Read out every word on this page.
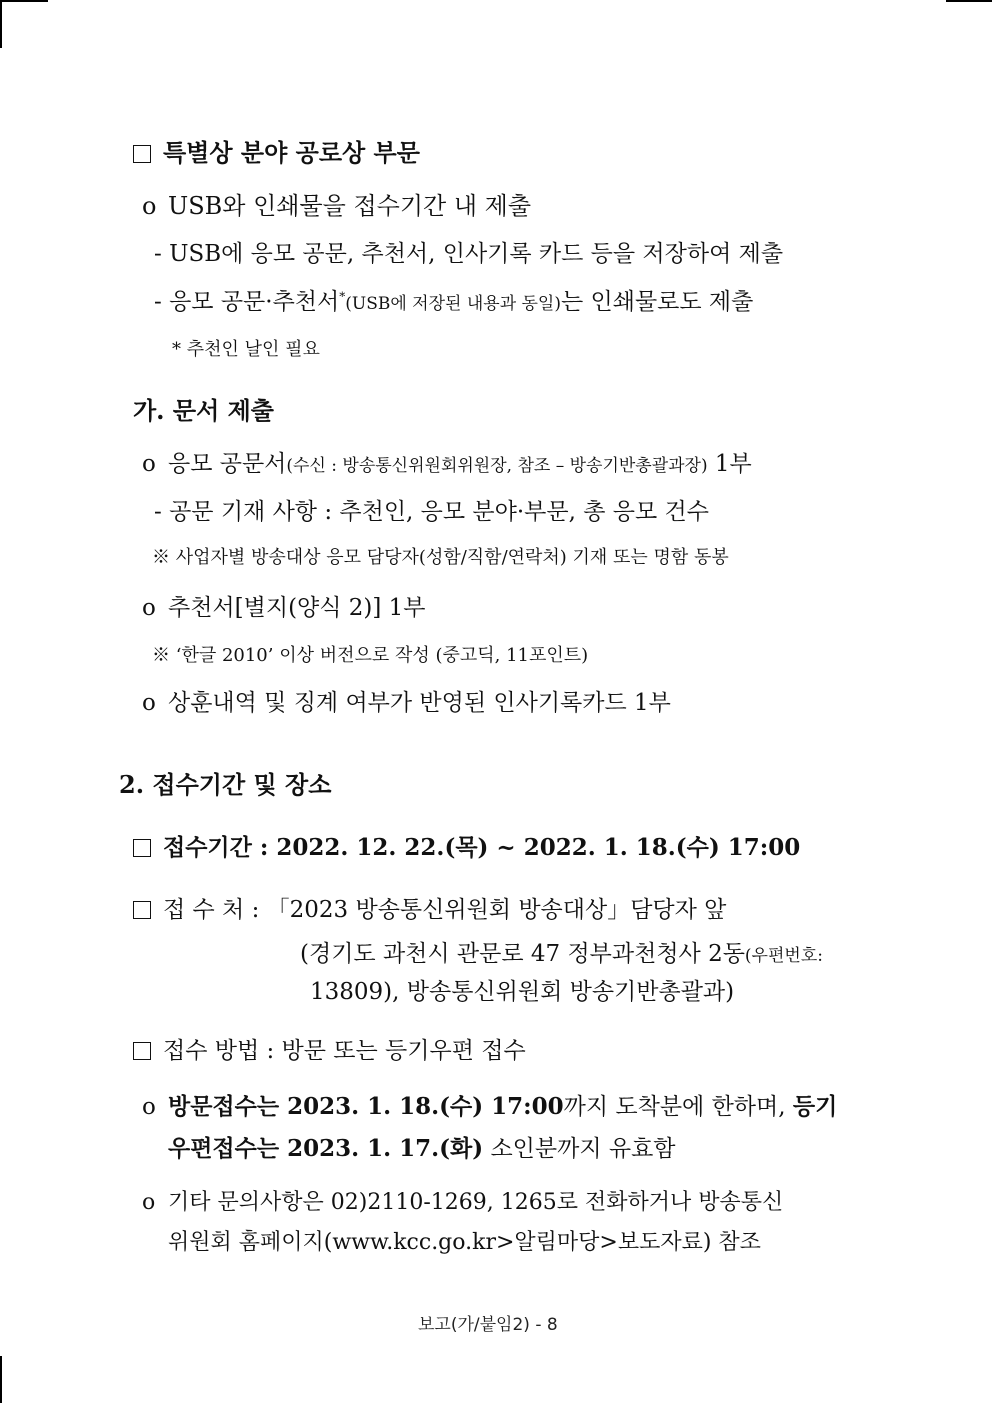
특별상 분야 공로상 부문
o USB와 인쇄물을 접수기간 내 제출
- USB에 응모 공문, 추천서, 인사기록 카드 등을 저장하여 제출
- 응모 공문·추천서*(USB에 저장된 내용과 동일)는 인쇄물로도 제출
* 추천인 날인 필요
가. 문서 제출
o 응모 공문서(수신 : 방송통신위원회위원장, 참조 – 방송기반총괄과장) 1부
- 공문 기재 사항 : 추천인, 응모 분야·부문, 총 응모 건수
※ 사업자별 방송대상 응모 담당자(성함/직함/연락처) 기재 또는 명함 동봉
o 추천서[별지(양식 2)] 1부
※ ‘한글 2010’ 이상 버전으로 작성 (중고딕, 11포인트)
o 상훈내역 및 징계 여부가 반영된 인사기록카드 1부
2. 접수기간 및 장소
접수기간 : 2022. 12. 22.(목) ~ 2022. 1. 18.(수) 17:00
접 수 처 : 「2023 방송통신위원회 방송대상」담당자 앞
(경기도 과천시 관문로 47 정부과천청사 2동(우편번호:
13809), 방송통신위원회 방송기반총괄과)
접수 방법 : 방문 또는 등기우편 접수
o 방문접수는 2023. 1. 18.(수) 17:00까지 도착분에 한하며, 등기
우편접수는 2023. 1. 17.(화) 소인분까지 유효함
o 기타 문의사항은 02)2110-1269, 1265로 전화하거나 방송통신
위원회 홈페이지(www.kcc.go.kr>알림마당>보도자료) 참조
보고(가/붙임2) - 8
